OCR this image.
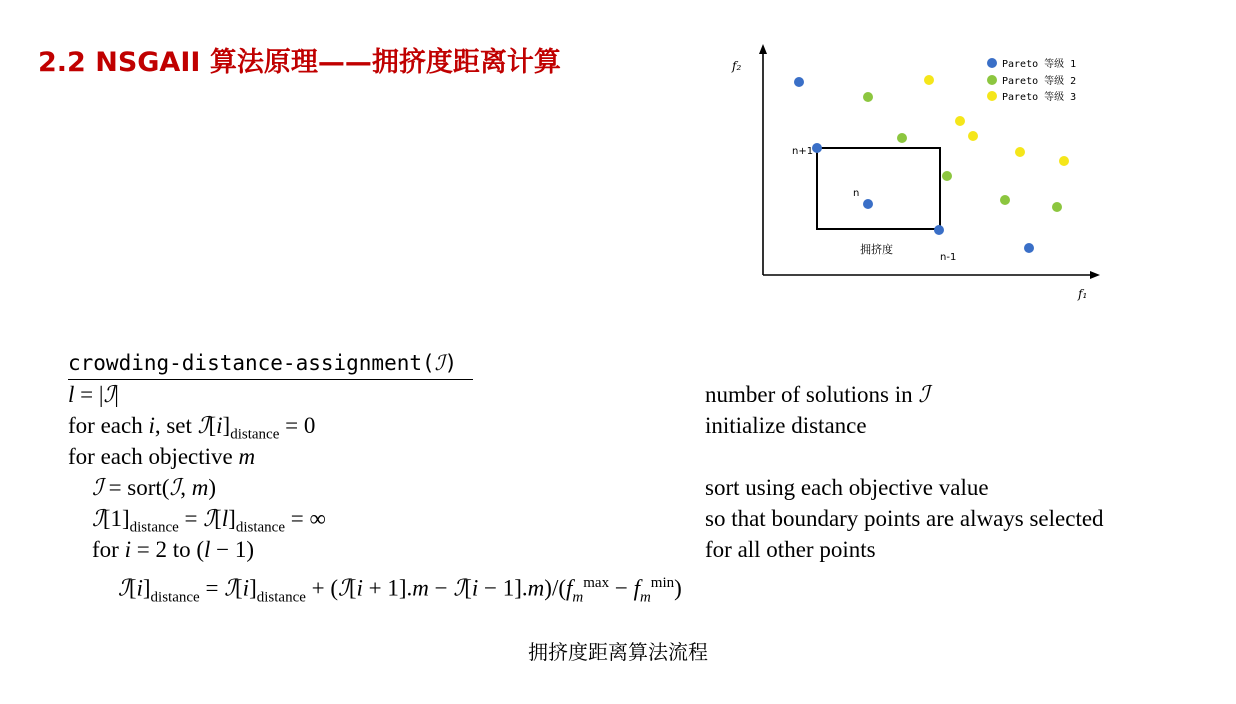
2.2 NSGAII 算法原理——拥挤度距离计算	f₂
f₁
Pareto 等级 1
Pareto 等级 2
Pareto 等级 3
n+1
n
n-1
拥挤度
crowding-distance-assignment(ℐ)
l = |ℐ|	number of solutions in ℐ
for each i, set $ℐ[i]_{distance} = 0$	initialize distance
for each objective m
ℐ = sort(ℐ, m)	sort using each objective value
$ℐ[1]_{distance}$ = $ℐ[l]_{distance}$ = ∞	so that boundary points are always selected
for i = 2 to (l − 1)	for all other points
$ℐ[i]_{distance}$ = $ℐ[i]_{distance}$ + (ℐ[i + 1].m − ℐ[i − $1].m)/(f_m^{max} - f_m^{min})$
拥挤度距离算法流程
